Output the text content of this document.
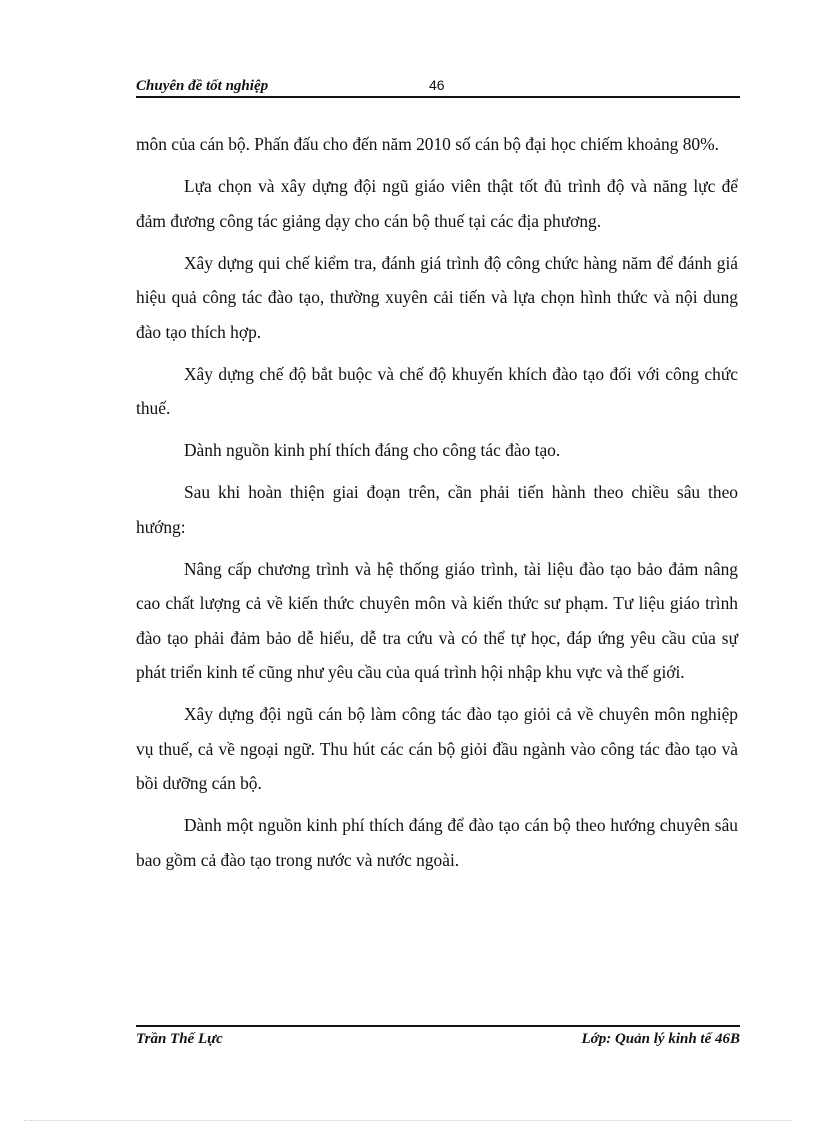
Chuyên đề tốt nghiệp	46

môn của cán bộ. Phấn đấu cho đến năm 2010 số cán bộ đại học chiếm khoảng 80%.

Lựa chọn và xây dựng đội ngũ giáo viên thật tốt đủ trình độ và năng lực để đảm đương công tác giảng dạy cho cán bộ thuế tại các địa phương.

Xây dựng qui chế kiểm tra, đánh giá trình độ công chức hàng năm để đánh giá hiệu quả công tác đào tạo, thường xuyên cải tiến và lựa chọn hình thức và nội dung đào tạo thích hợp.

Xây dựng chế độ bắt buộc và chế độ khuyến khích đào tạo đối với công chức thuế.

Dành nguồn kinh phí thích đáng cho công tác đào tạo.

Sau khi hoàn thiện giai đoạn trên, cần phải tiến hành theo chiều sâu theo hướng:

Nâng cấp chương trình và hệ thống giáo trình, tài liệu đào tạo bảo đảm nâng cao chất lượng cả về kiến thức chuyên môn và kiến thức sư phạm. Tư liệu giáo trình đào tạo phải đảm bảo dễ hiểu, dễ tra cứu và có thể tự học, đáp ứng yêu cầu của sự phát triển kinh tế cũng như yêu cầu của quá trình hội nhập khu vực và thế giới.

Xây dựng đội ngũ cán bộ làm công tác đào tạo giỏi cả về chuyên môn nghiệp vụ thuế, cả về ngoại ngữ. Thu hút các cán bộ giỏi đầu ngành vào công tác đào tạo và bồi dưỡng cán bộ.

Dành một nguồn kinh phí thích đáng để đào tạo cán bộ theo hướng chuyên sâu bao gồm cả đào tạo trong nước và nước ngoài.

Trần Thế Lực	Lớp: Quản lý kinh tế 46B
